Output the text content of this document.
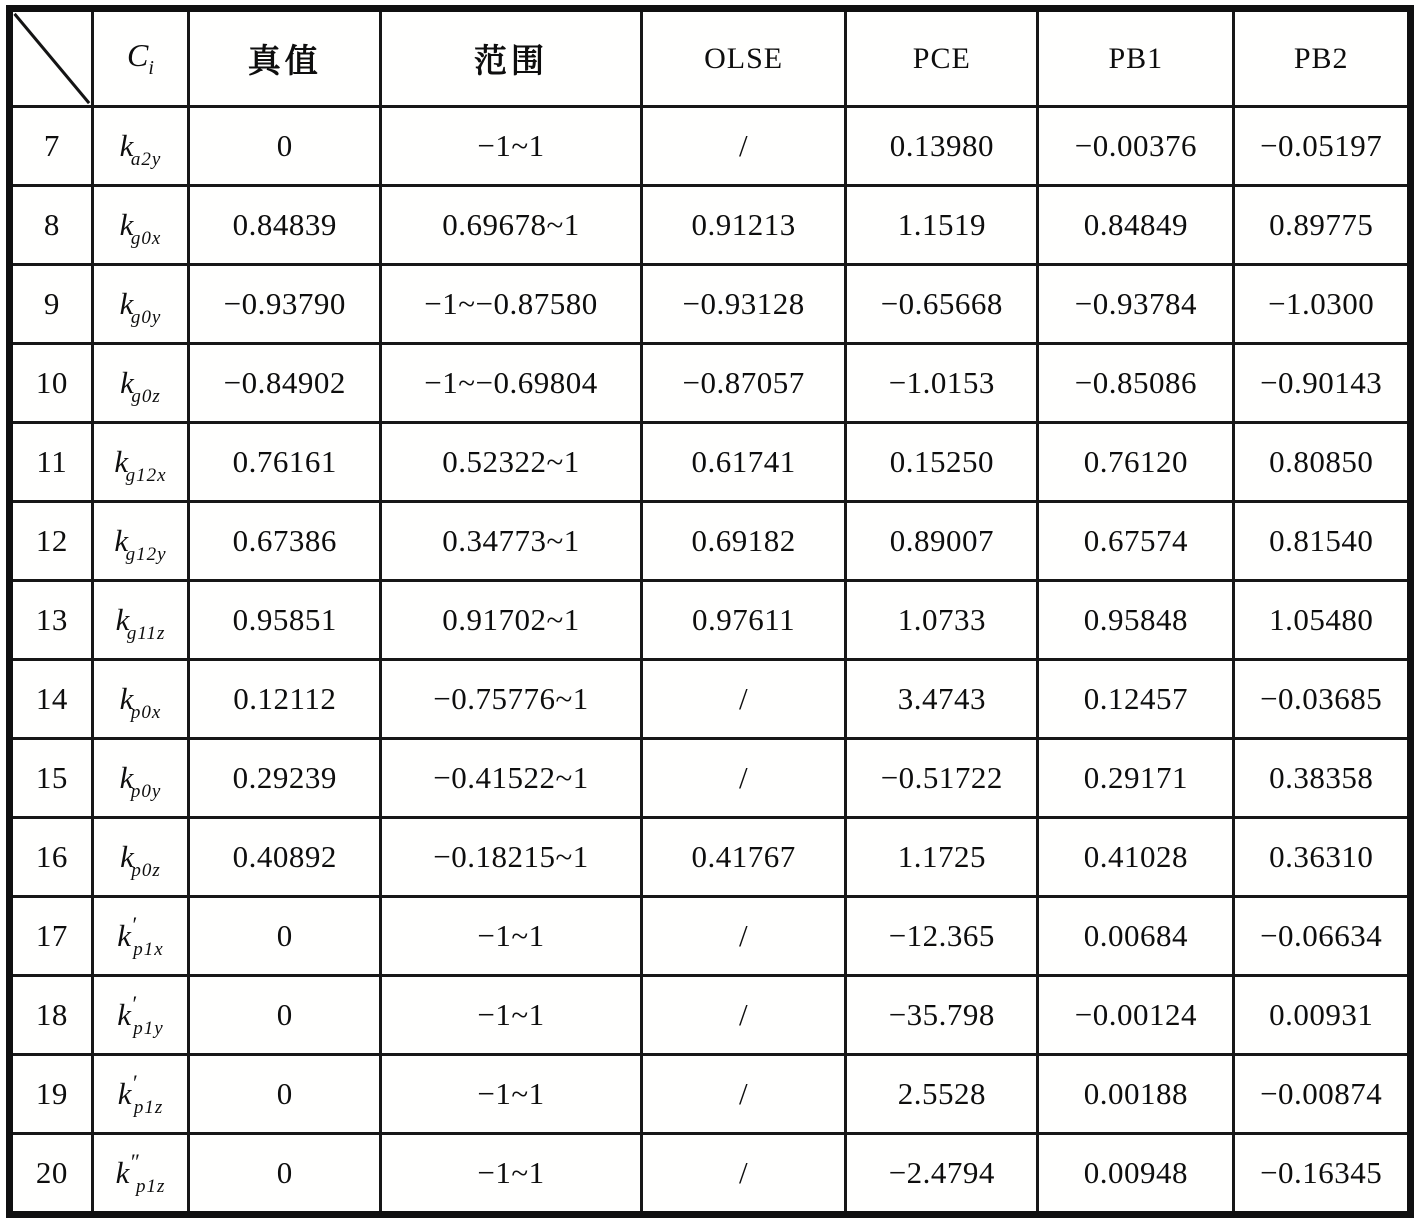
	$C_i$	真值	范围	OLSE	PCE	PB1	PB2
7	$k_{a2y}$	0	−1~1	/	0.13980	−0.00376	−0.05197
8	$k_{g0x}$	0.84839	0.69678~1	0.91213	1.1519	0.84849	0.89775
9	$k_{g0y}$	−0.93790	−1~−0.87580	−0.93128	−0.65668	−0.93784	−1.0300
10	$k_{g0z}$	−0.84902	−1~−0.69804	−0.87057	−1.0153	−0.85086	−0.90143
11	$k_{g12x}$	0.76161	0.52322~1	0.61741	0.15250	0.76120	0.80850
12	$k_{g12y}$	0.67386	0.34773~1	0.69182	0.89007	0.67574	0.81540
13	$k_{g11z}$	0.95851	0.91702~1	0.97611	1.0733	0.95848	1.05480
14	$k_{p0x}$	0.12112	−0.75776~1	/	3.4743	0.12457	−0.03685
15	$k_{p0y}$	0.29239	−0.41522~1	/	−0.51722	0.29171	0.38358
16	$k_{p0z}$	0.40892	−0.18215~1	0.41767	1.1725	0.41028	0.36310
17	$k'_{p1x}$	0	−1~1	/	−12.365	0.00684	−0.06634
18	$k'_{p1y}$	0	−1~1	/	−35.798	−0.00124	0.00931
19	$k'_{p1z}$	0	−1~1	/	2.5528	0.00188	−0.00874
20	$k''_{p1z}$	0	−1~1	/	−2.4794	0.00948	−0.16345
